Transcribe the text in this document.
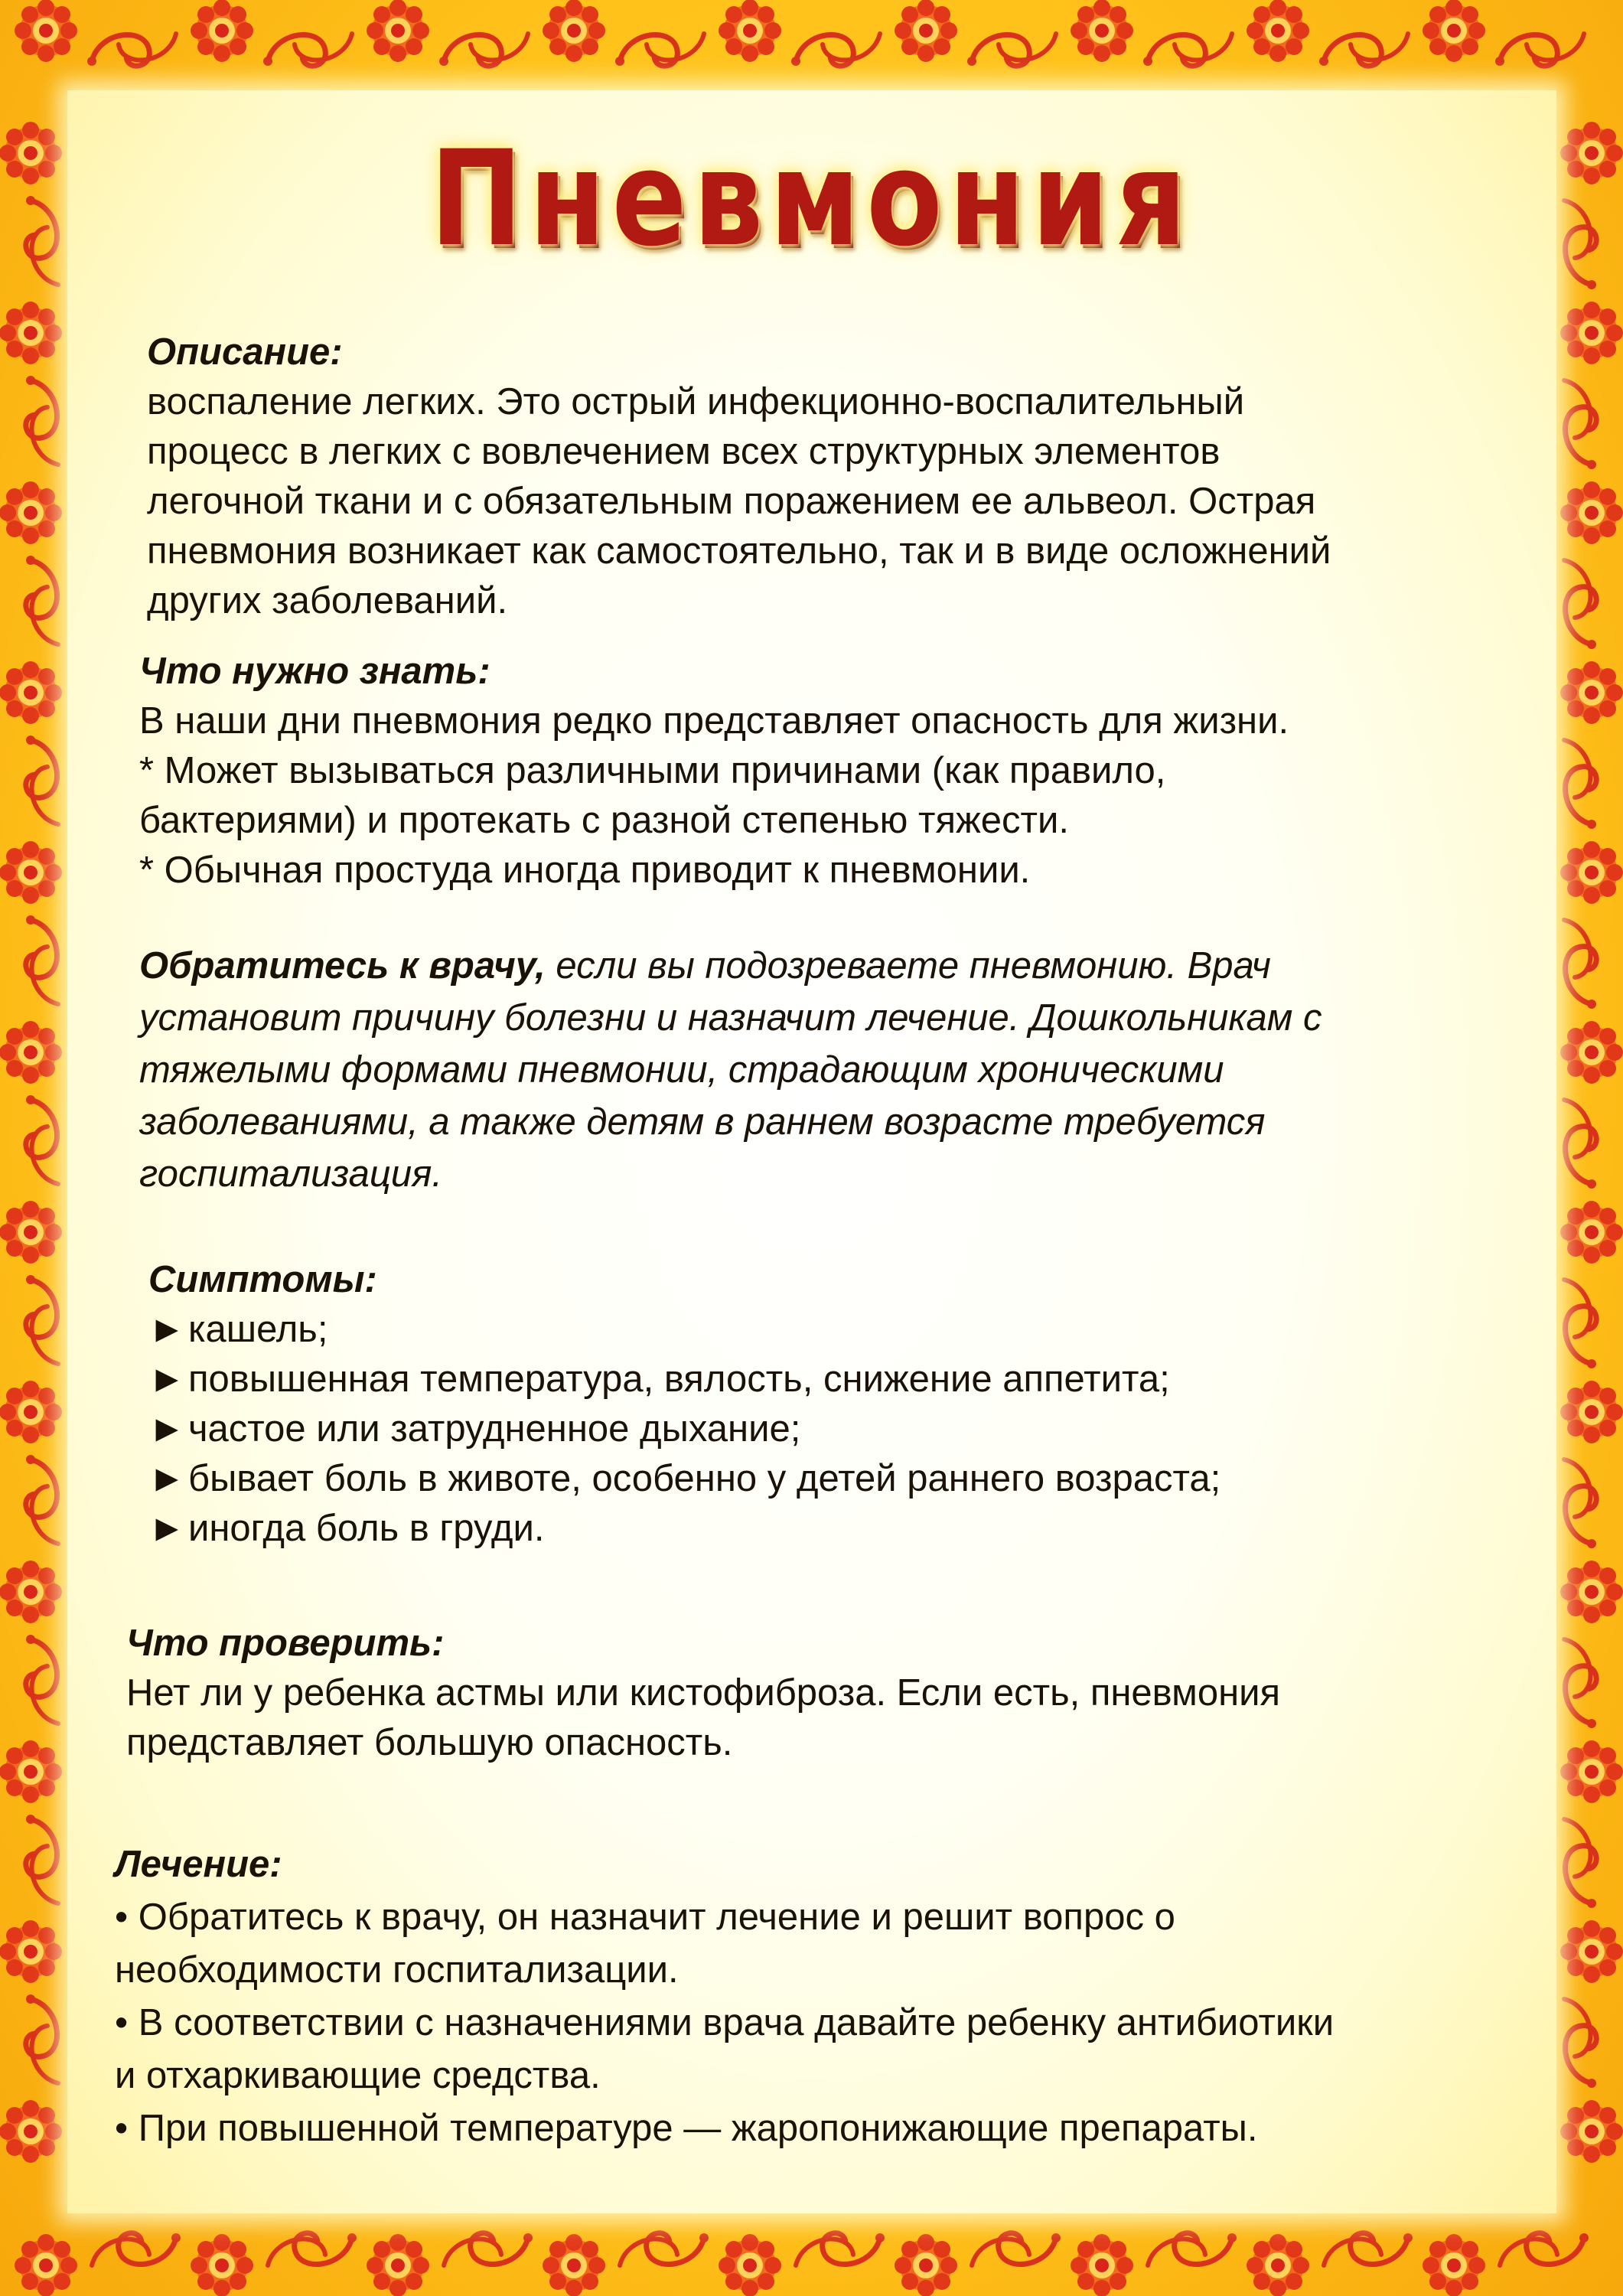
Пневмония
Описание:

воспаление легких. Это острый инфекционно-воспалительный

процесс в легких с вовлечением всех структурных элементов

легочной ткани и с обязательным поражением ее альвеол. Острая

пневмония возникает как самостоятельно, так и в виде осложнений

других заболеваний.

Что нужно знать:

В наши дни пневмония редко представляет опасность для жизни.

* Может вызываться различными причинами (как правило,

бактериями) и протекать с разной степенью тяжести.

* Обычная простуда иногда приводит к пневмонии.

Обратитесь к врачу, если вы подозреваете пневмонию. Врач

установит причину болезни и назначит лечение. Дошкольникам с

тяжелыми формами пневмонии, страдающим хроническими

заболеваниями, а также детям в раннем возрасте требуется

госпитализация.

Симптомы:

►кашель;

►повышенная температура, вялость, снижение аппетита;

►частое или затрудненное дыхание;

►бывает боль в животе, особенно у детей раннего возраста;

►иногда боль в груди.

Что проверить:

Нет ли у ребенка астмы или кистофиброза. Если есть, пневмония

представляет большую опасность.

Лечение:

• Обратитесь к врачу, он назначит лечение и решит вопрос о

необходимости госпитализации.

• В соответствии с назначениями врача давайте ребенку антибиотики

и отхаркивающие средства.

• При повышенной температуре — жаропонижающие препараты.
